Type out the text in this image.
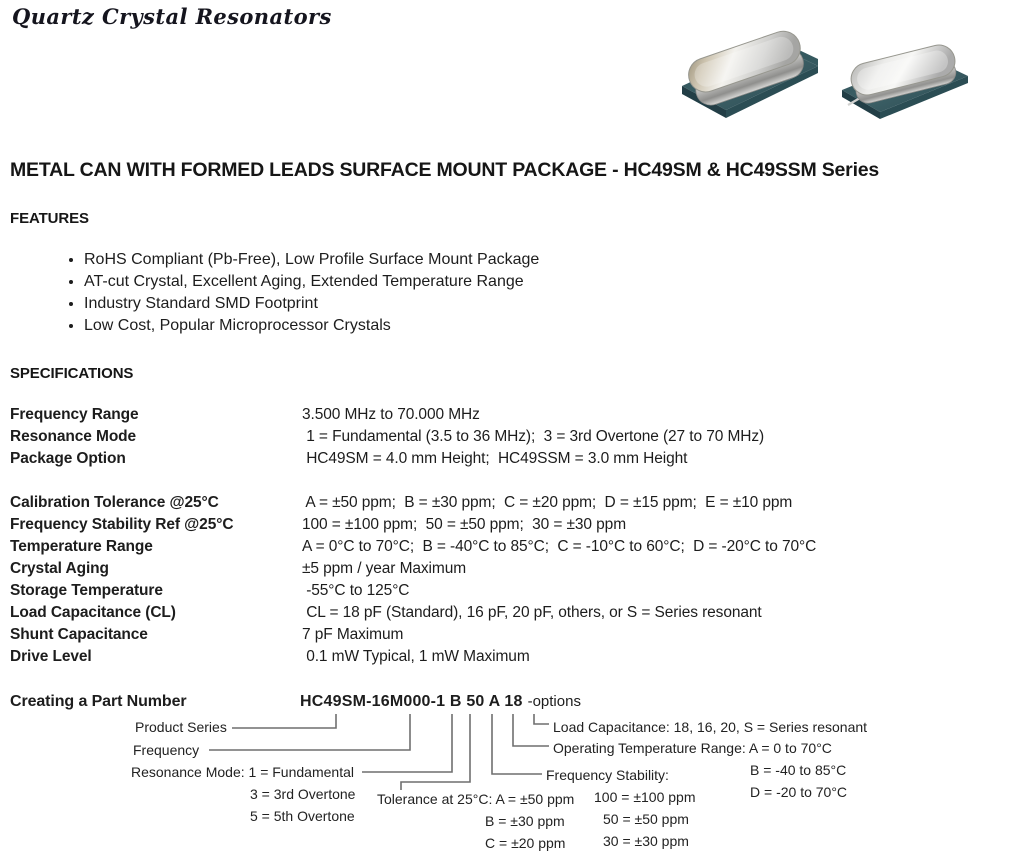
Quartz Crystal Resonators
METAL CAN WITH FORMED LEADS SURFACE MOUNT PACKAGE - HC49SM & HC49SSM Series
FEATURES
• RoHS Compliant (Pb-Free), Low Profile Surface Mount Package
• AT-cut Crystal, Excellent Aging, Extended Temperature Range
• Industry Standard SMD Footprint
• Low Cost, Popular Microprocessor Crystals
SPECIFICATIONS
Frequency Range	3.500 MHz to 70.000 MHz
Resonance Mode	1 = Fundamental (3.5 to 36 MHz);  3 = 3rd Overtone (27 to 70 MHz)
Package Option	HC49SM = 4.0 mm Height;  HC49SSM = 3.0 mm Height
Calibration Tolerance @25°C	A = ±50 ppm;  B = ±30 ppm;  C = ±20 ppm;  D = ±15 ppm;  E = ±10 ppm
Frequency Stability Ref @25°C	100 = ±100 ppm;  50 = ±50 ppm;  30 = ±30 ppm
Temperature Range	A = 0°C to 70°C;  B = -40°C to 85°C;  C = -10°C to 60°C;  D = -20°C to 70°C
Crystal Aging	±5 ppm / year Maximum
Storage Temperature	-55°C to 125°C
Load Capacitance (CL)	CL = 18 pF (Standard), 16 pF, 20 pF, others, or S = Series resonant
Shunt Capacitance	7 pF Maximum
Drive Level	0.1 mW Typical, 1 mW Maximum
Creating a Part Number	HC49SM-16M000-1 B 50 A 18 -options
Product Series
Frequency
Resonance Mode: 1 = Fundamental
3 = 3rd Overtone
5 = 5th Overtone
Tolerance at 25°C: A = ±50 ppm
B = ±30 ppm
C = ±20 ppm
Load Capacitance: 18, 16, 20, S = Series resonant
Operating Temperature Range: A = 0 to 70°C
B = -40 to 85°C
D = -20 to 70°C
Frequency Stability:
100 = ±100 ppm
50 = ±50 ppm
30 = ±30 ppm
